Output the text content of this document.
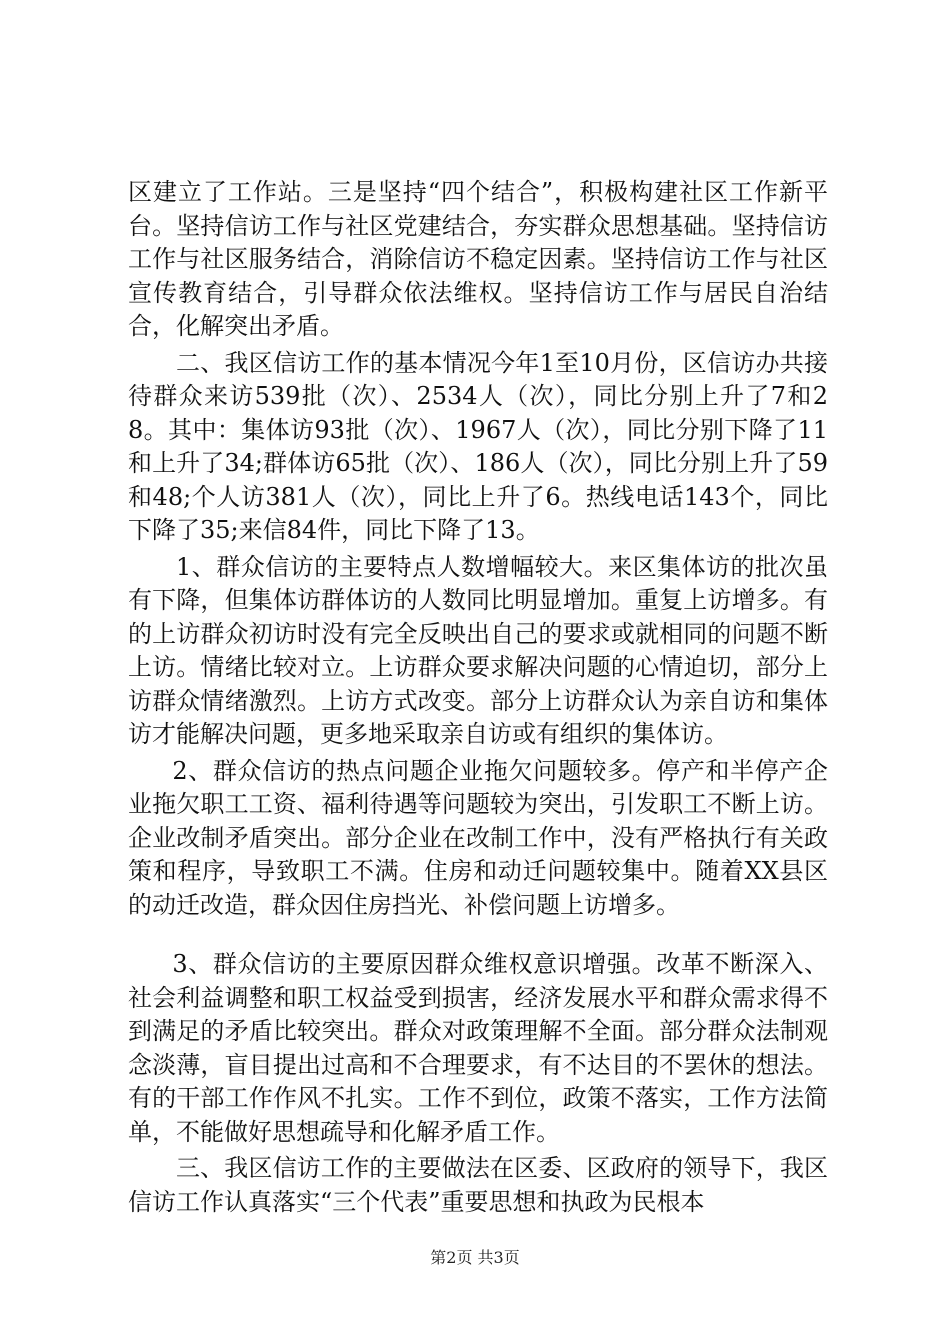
区建立了工作站。三是坚持“四个结合”，积极构建社区工作新平台。坚持信访工作与社区党建结合，夯实群众思想基础。坚持信访工作与社区服务结合，消除信访不稳定因素。坚持信访工作与社区宣传教育结合，引导群众依法维权。坚持信访工作与居民自治结合，化解突出矛盾。

二、我区信访工作的基本情况今年1至10月份，区信访办共接待群众来访539批（次）、2534人（次），同比分别上升了7和28。其中：集体访93批（次）、1967人（次），同比分别下降了11和上升了34;群体访65批（次）、186人（次），同比分别上升了59和48;个人访381人（次），同比上升了6。热线电话143个，同比下降了35;来信84件，同比下降了13。

1、群众信访的主要特点人数增幅较大。来区集体访的批次虽有下降，但集体访群体访的人数同比明显增加。重复上访增多。有的上访群众初访时没有完全反映出自己的要求或就相同的问题不断上访。情绪比较对立。上访群众要求解决问题的心情迫切，部分上访群众情绪激烈。上访方式改变。部分上访群众认为亲自访和集体访才能解决问题，更多地采取亲自访或有组织的集体访。

2、群众信访的热点问题企业拖欠问题较多。停产和半停产企业拖欠职工工资、福利待遇等问题较为突出，引发职工不断上访。企业改制矛盾突出。部分企业在改制工作中，没有严格执行有关政策和程序，导致职工不满。住房和动迁问题较集中。随着XX县区的动迁改造，群众因住房挡光、补偿问题上访增多。

3、群众信访的主要原因群众维权意识增强。改革不断深入、社会利益调整和职工权益受到损害，经济发展水平和群众需求得不到满足的矛盾比较突出。群众对政策理解不全面。部分群众法制观念淡薄，盲目提出过高和不合理要求，有不达目的不罢休的想法。有的干部工作作风不扎实。工作不到位，政策不落实，工作方法简单，不能做好思想疏导和化解矛盾工作。

三、我区信访工作的主要做法在区委、区政府的领导下，我区信访工作认真落实“三个代表”重要思想和执政为民根本

第2页 共3页
